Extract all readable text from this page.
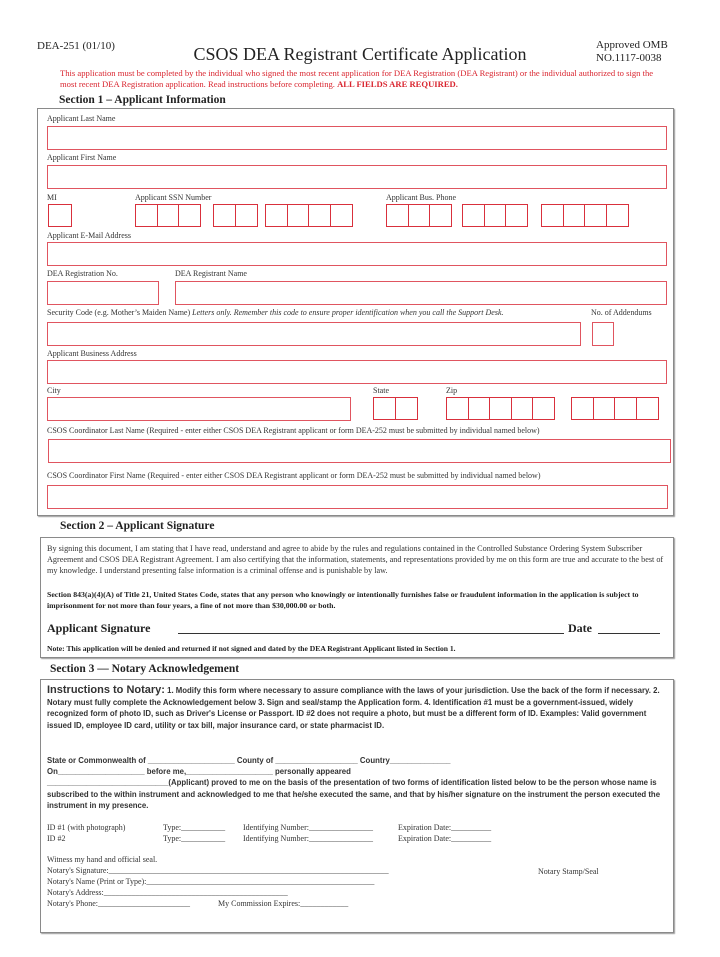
DEA-251 (01/10)	CSOS DEA Registrant Certificate Application	Approved OMB
NO.1117-0038
This application must be completed by the individual who signed the most recent application for DEA Registration (DEA Registrant) or the individual authorized to sign the most recent DEA Registration application. Read instructions before completing. ALL FIELDS ARE REQUIRED.
Section 1 – Applicant Information
Applicant Last Name
Applicant First Name
MI	Applicant SSN Number	Applicant Bus. Phone
Applicant E-Mail Address
DEA Registration No.	DEA Registrant Name
Security Code (e.g. Mother’s Maiden Name) Letters only. Remember this code to ensure proper identification when you call the Support Desk.	No. of Addendums
Applicant Business Address
City	State	Zip
CSOS Coordinator Last Name (Required - enter either CSOS DEA Registrant applicant or form DEA-252 must be submitted by individual named below)
CSOS Coordinator First Name (Required - enter either CSOS DEA Registrant applicant or form DEA-252 must be submitted by individual named below)
Section 2 – Applicant Signature
By signing this document, I am stating that I have read, understand and agree to abide by the rules and regulations contained in the Controlled Substance Ordering System Subscriber Agreement and CSOS DEA Registrant Agreement. I am also certifying that the information, statements, and representations provided by me on this form are true and accurate to the best of my knowledge. I understand presenting false information is a criminal offense and is punishable by law.
Section 843(a)(4)(A) of Title 21, United States Code, states that any person who knowingly or intentionally furnishes false or fraudulent information in the application is subject to imprisonment for not more than four years, a fine of not more than $30,000.00 or both.
Applicant Signature	Date
Note: This application will be denied and returned if not signed and dated by the DEA Registrant Applicant listed in Section 1.
Section 3 — Notary Acknowledgement
Instructions to Notary: 1. Modify this form where necessary to assure compliance with the laws of your jurisdiction. Use the back of the form if necessary. 2. Notary must fully complete the Acknowledgement below 3. Sign and seal/stamp the Application form. 4. Identification #1 must be a government-issued, widely recognized form of photo ID, such as Driver's License or Passport. ID #2 does not require a photo, but must be a different form of ID. Examples: Valid government issued ID, employee ID card, utility or tax bill, major insurance card, or state pharmacist ID.
State or Commonwealth of ____________________ County of ___________________ Country______________
On____________________ before me,____________________ personally appeared
____________________________(Applicant) proved to me on the basis of the presentation of two forms of identification listed below to be the person whose name is subscribed to the within instrument and acknowledged to me that he/she executed the same, and that by his/her signature on the instrument the person executed the instrument in my presence.
ID #1 (with photograph)	Type:___________ Identifying Number:________________	Expiration Date:__________
ID #2	Type:___________ Identifying Number:________________	Expiration Date:__________
Witness my hand and official seal.
Notary's Signature:______________________________________________________________________
Notary's Name (Print or Type):_________________________________________________________
Notary's Address:______________________________________________
Notary's Phone:_______________________	My Commission Expires:____________
Notary Stamp/Seal
